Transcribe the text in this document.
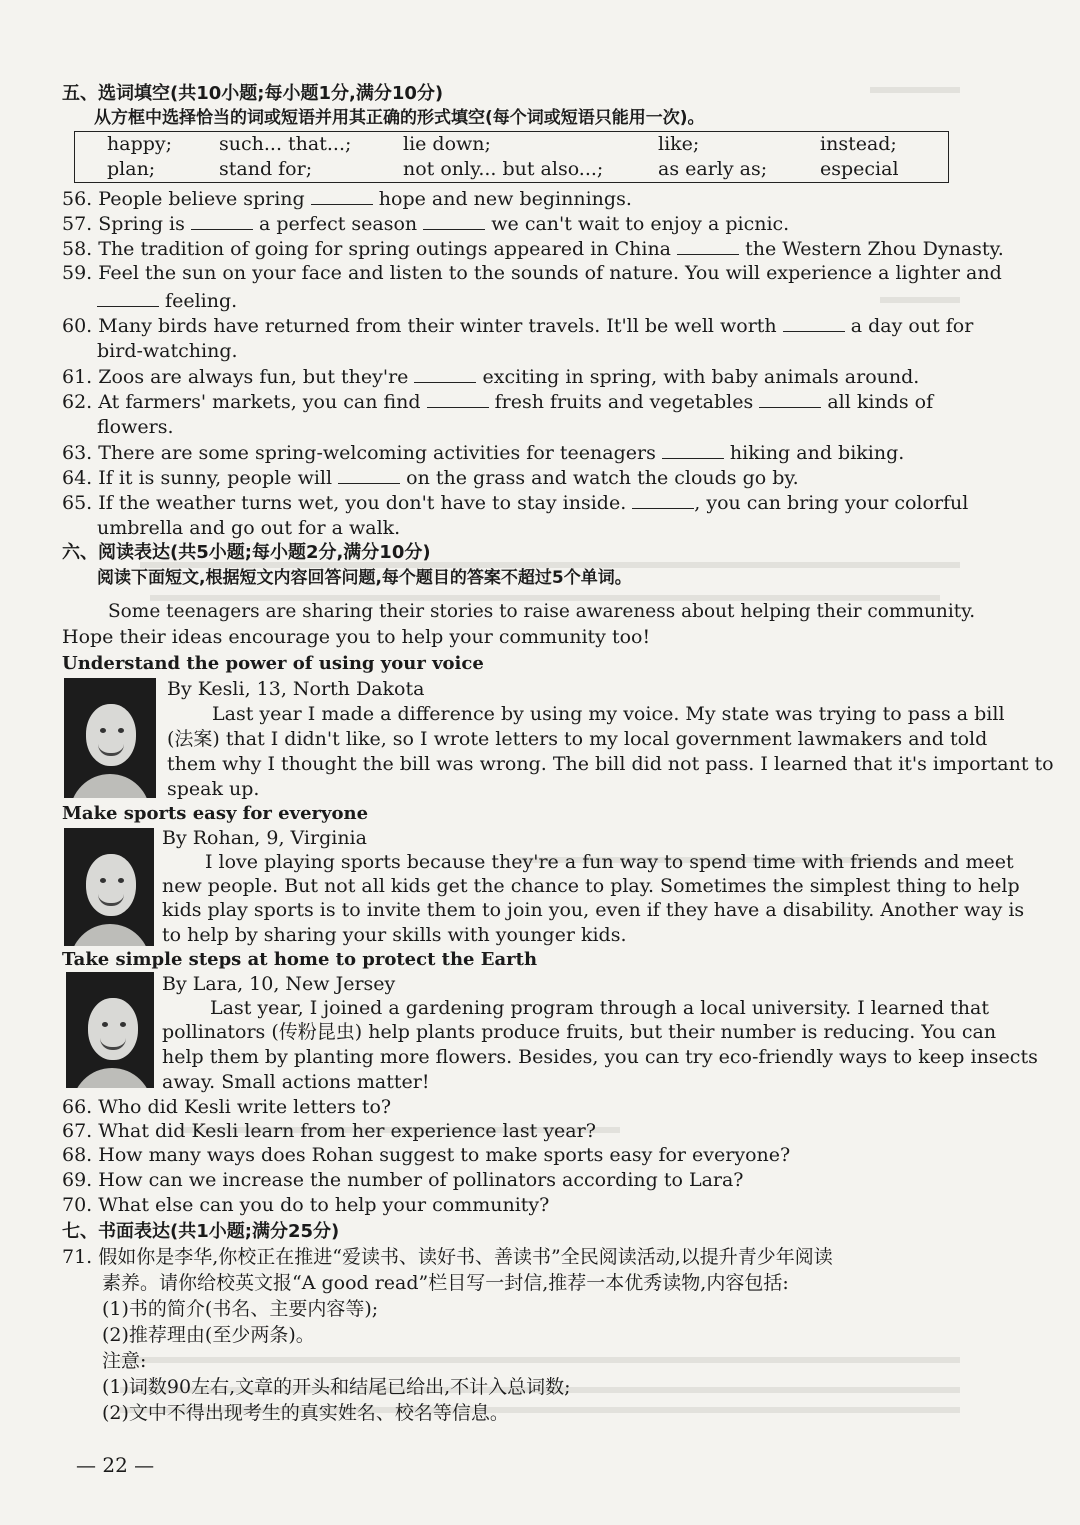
五、选词填空(共10小题;每小题1分,满分10分)
从方框中选择恰当的词或短语并用其正确的形式填空(每个词或短语只能用一次)。
happy; such... that...;	lie down;	like;	instead;
plan;	stand for;	not only... but also...;	as early as;	especial
56. People believe spring	hope and new beginnings.
57. Spring is	a perfect season	we can't wait to enjoy a picnic.
58. The tradition of going for spring outings appeared in China	the Western Zhou Dynasty.
59. Feel the sun on your face and listen to the sounds of nature. You will experience a lighter and
feeling.
60. Many birds have returned from their winter travels. It'll be well worth	a day out for
bird-watching.
61. Zoos are always fun, but they're	exciting in spring, with baby animals around.
62. At farmers' markets, you can find	fresh fruits and vegetables	all kinds of
flowers.
63. There are some spring-welcoming activities for teenagers	hiking and biking.
64. If it is sunny, people will	on the grass and watch the clouds go by.
65. If the weather turns wet, you don't have to stay inside.	, you can bring your colorful
umbrella and go out for a walk.
六、阅读表达(共5小题;每小题2分,满分10分)
阅读下面短文,根据短文内容回答问题,每个题目的答案不超过5个单词。
Some teenagers are sharing their stories to raise awareness about helping their community.
Hope their ideas encourage you to help your community too!
Understand the power of using your voice
By Kesli, 13, North Dakota
Last year I made a difference by using my voice. My state was trying to pass a bill
(法案) that I didn't like, so I wrote letters to my local government lawmakers and told
them why I thought the bill was wrong. The bill did not pass. I learned that it's important to
speak up.
Make sports easy for everyone
By Rohan, 9, Virginia
I love playing sports because they're a fun way to spend time with friends and meet
new people. But not all kids get the chance to play. Sometimes the simplest thing to help
kids play sports is to invite them to join you, even if they have a disability. Another way is
to help by sharing your skills with younger kids.
Take simple steps at home to protect the Earth
By Lara, 10, New Jersey
Last year, I joined a gardening program through a local university. I learned that
pollinators (传粉昆虫) help plants produce fruits, but their number is reducing. You can
help them by planting more flowers. Besides, you can try eco-friendly ways to keep insects
away. Small actions matter!
66. Who did Kesli write letters to?
67. What did Kesli learn from her experience last year?
68. How many ways does Rohan suggest to make sports easy for everyone?
69. How can we increase the number of pollinators according to Lara?
70. What else can you do to help your community?
七、书面表达(共1小题;满分25分)
71. 假如你是李华,你校正在推进“爱读书、读好书、善读书”全民阅读活动,以提升青少年阅读
素养。请你给校英文报“A good read”栏目写一封信,推荐一本优秀读物,内容包括:
(1)书的简介(书名、主要内容等);
(2)推荐理由(至少两条)。
注意:
(1)词数90左右,文章的开头和结尾已给出,不计入总词数;
(2)文中不得出现考生的真实姓名、校名等信息。
— 22 —
